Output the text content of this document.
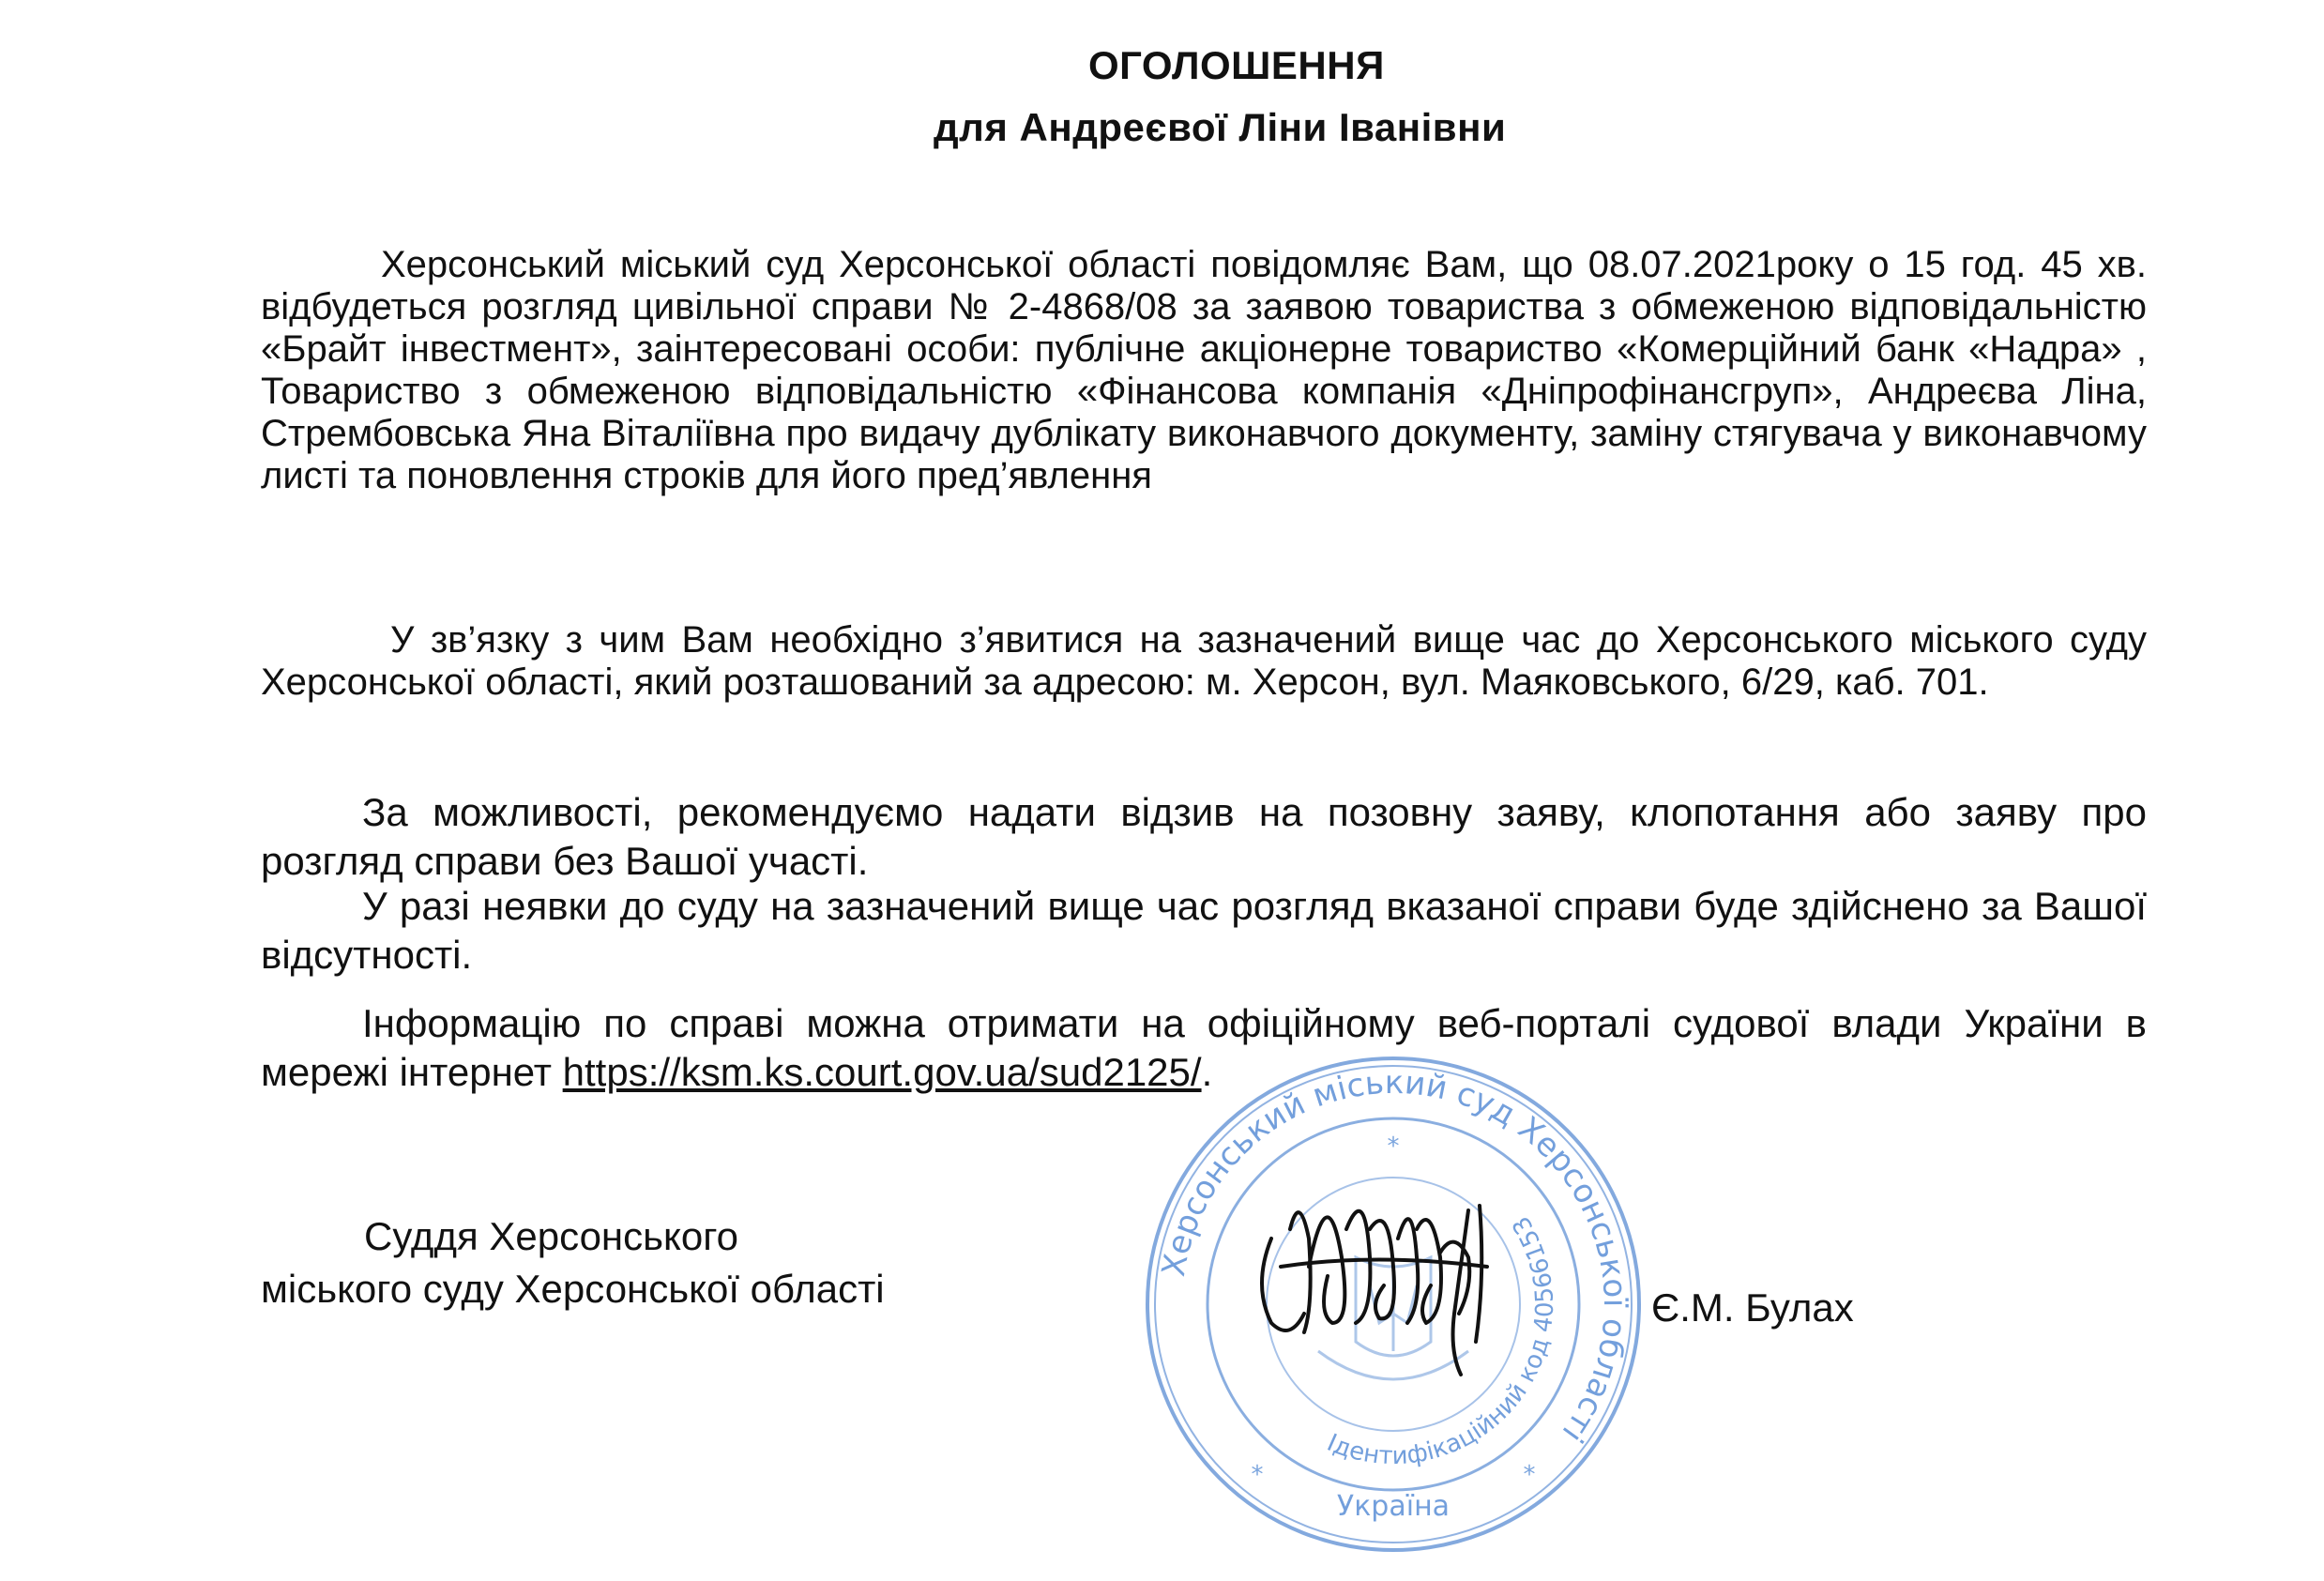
ОГОЛОШЕННЯ
для Андреєвої Ліни Іванівни

Херсонський міський суд Херсонської області повідомляє Вам, що 08.07.2021року о 15 год. 45 хв. відбудеться розгляд цивільної справи № 2-4868/08 за заявою товариства з обмеженою відповідальністю «Брайт інвестмент», заінтересовані особи: публічне акціонерне товариство «Комерційний банк «Надра» , Товариство з обмеженою відповідальністю «Фінансова компанія «Дніпрофінансгруп», Андреєва Ліна, Стрембовська Яна Віталіївна про видачу дублікату виконавчого документу, заміну стягувача у виконавчому листі та поновлення строків для його пред’явлення

У зв’язку з чим Вам необхідно з’явитися на зазначений вище час до Херсонського міського суду Херсонської області, який розташований за адресою: м. Херсон, вул. Маяковського, 6/29, каб. 701.

За можливості, рекомендуємо надати відзив на позовну заяву, клопотання або заяву про розгляд справи без Вашої участі.

У разі неявки до суду на зазначений вище час розгляд вказаної справи буде здійснено за Вашої відсутності.

Інформацію по справі можна отримати на офіційному веб-порталі судової влади України в мережі інтернет https://ksm.ks.court.gov.ua/sud2125/.

Суддя Херсонського
міського суду Херсонської області	Є.М. Булах
Херсонський міський суд Херсонської області
Ідентифікаційний код 40566153
Україна
*
*	*
